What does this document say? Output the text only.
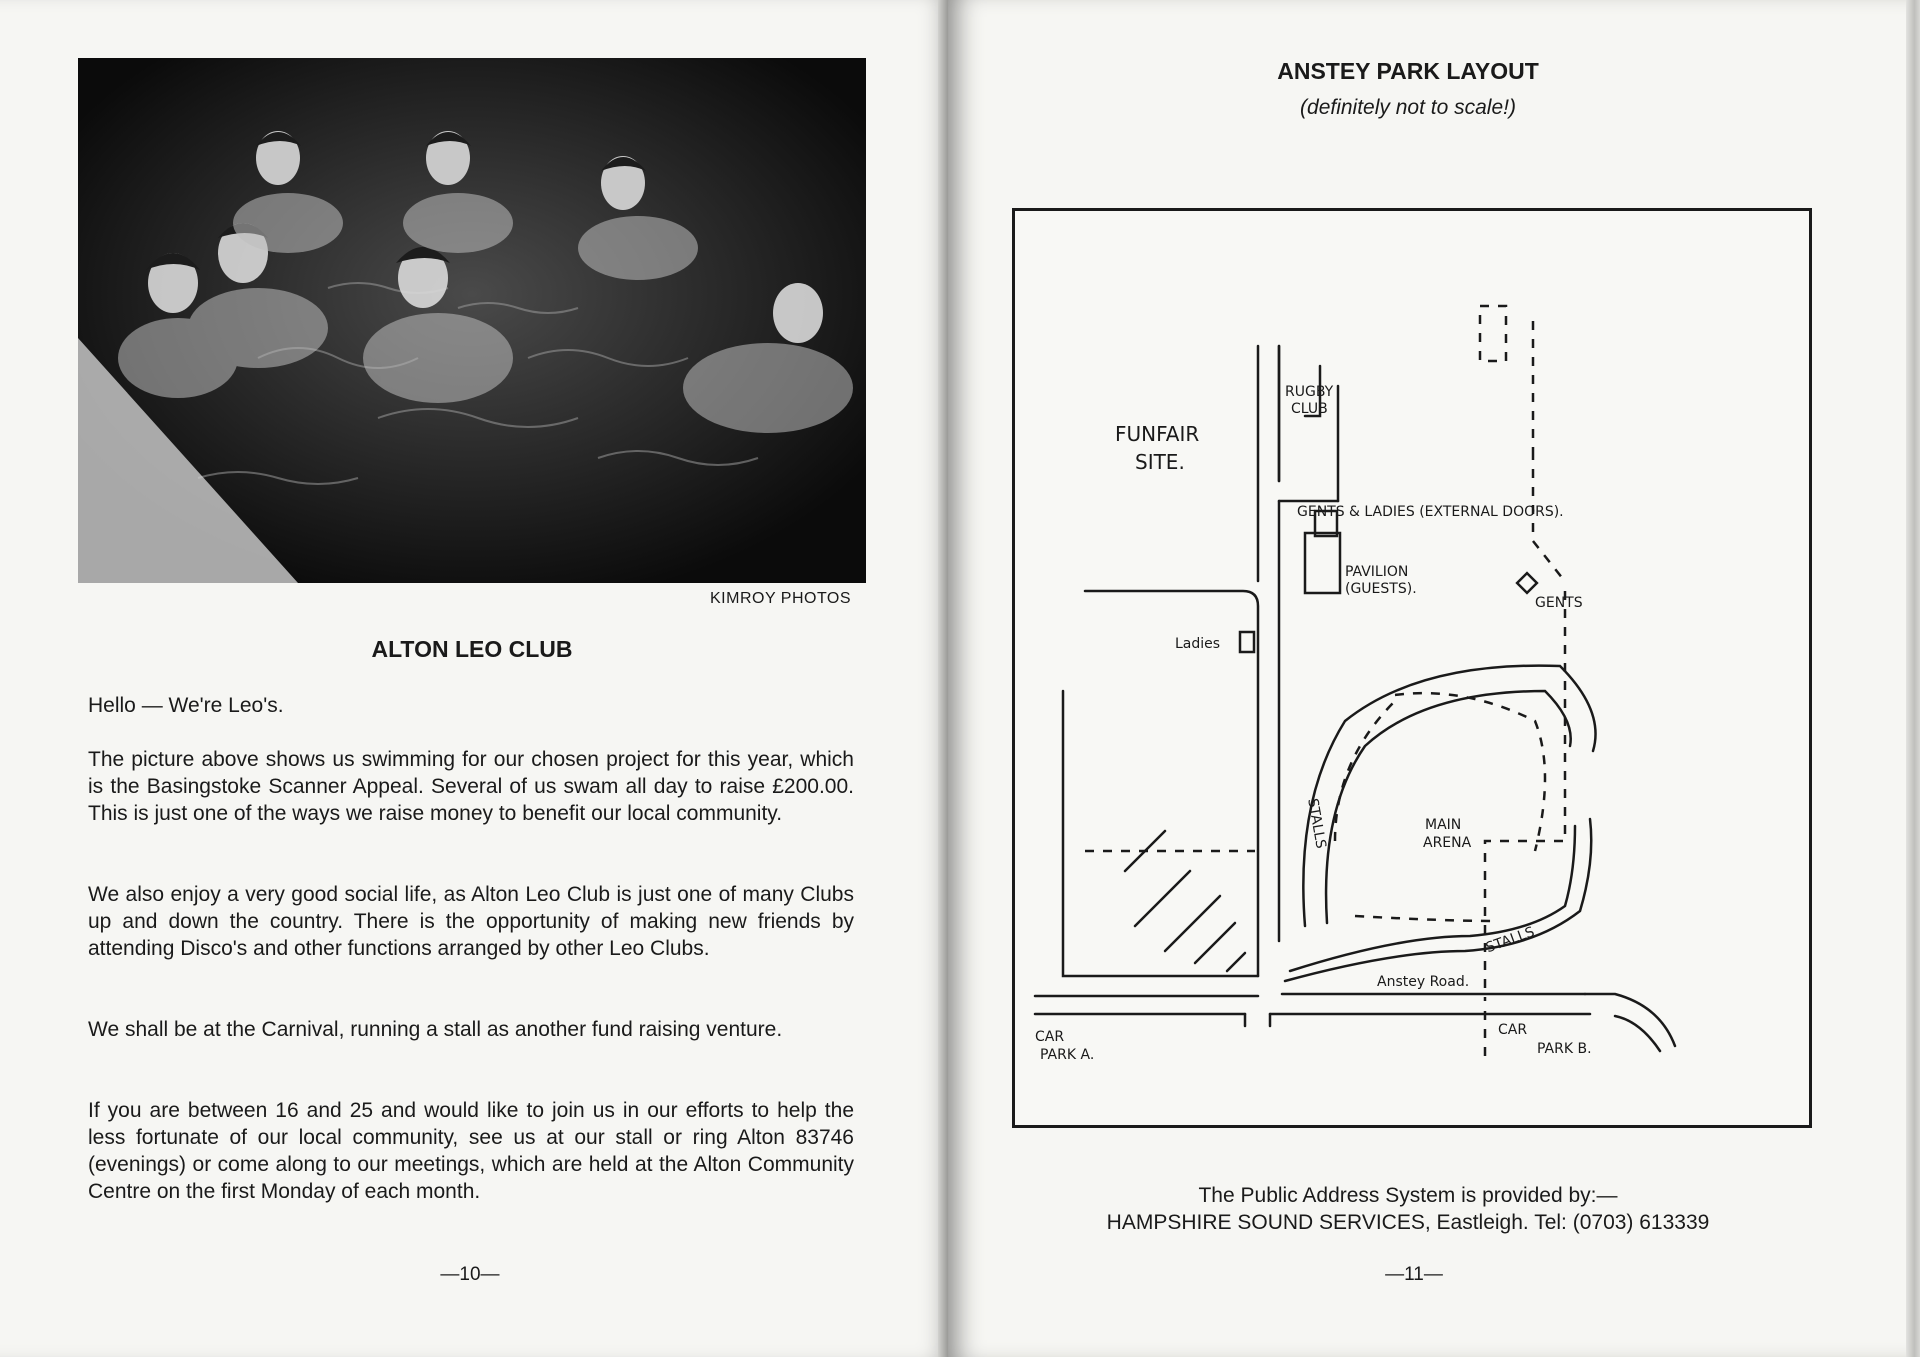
KIMROY PHOTOS
ALTON LEO CLUB

Hello — We're Leo's.

The picture above shows us swimming for our chosen project for this year, which is the Basingstoke Scanner Appeal. Several of us swam all day to raise £200.00. This is just one of the ways we raise money to benefit our local community.

We also enjoy a very good social life, as Alton Leo Club is just one of many Clubs up and down the country. There is the opportunity of making new friends by attending Disco's and other functions arranged by other Leo Clubs.

We shall be at the Carnival, running a stall as another fund raising venture.

If you are between 16 and 25 and would like to join us in our efforts to help the less fortunate of our local community, see us at our stall or ring Alton 83746 (evenings) or come along to our meetings, which are held at the Alton Community Centre on the first Monday of each month.

—10—
ANSTEY PARK LAYOUT
(definitely not to scale!)
FUNFAIR
SITE.
RUGBY
CLUB
GENTS & LADIES (EXTERNAL DOORS).
PAVILION
(GUESTS).
Ladies
GENTS
STALLS
STALLS
MAIN
ARENA
Anstey Road.
CAR
PARK A.
CAR
PARK B.
The Public Address System is provided by:—
HAMPSHIRE SOUND SERVICES, Eastleigh. Tel: (0703) 613339
—11—
